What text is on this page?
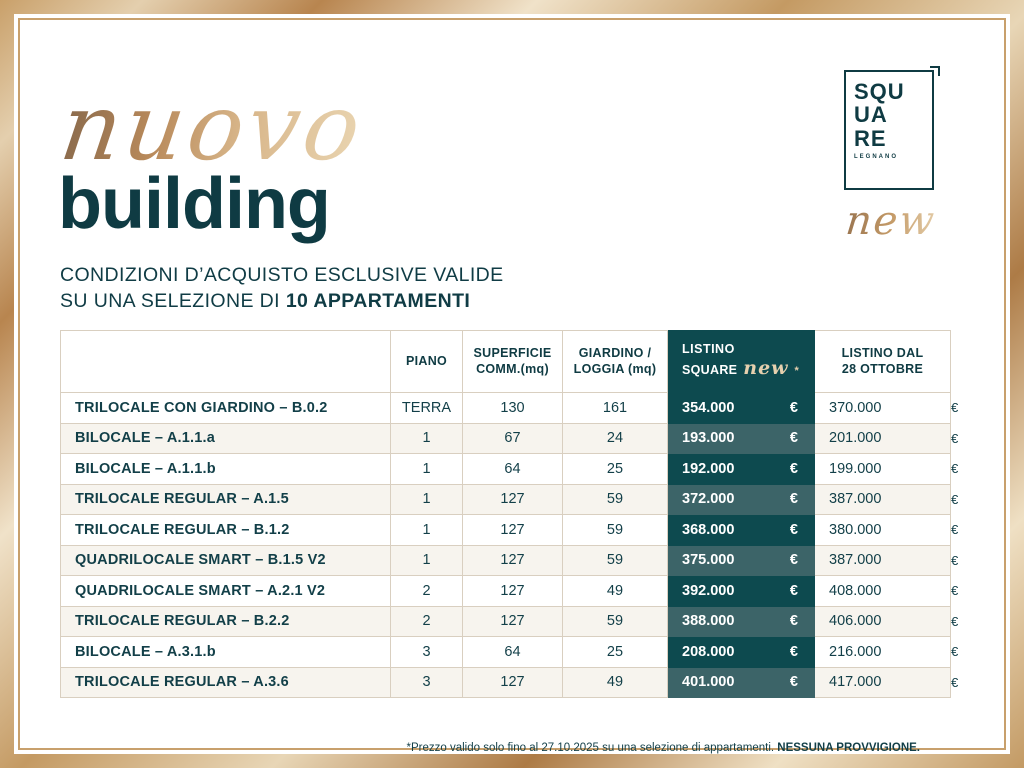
nuovo
building
CONDIZIONI D’ACQUISTO ESCLUSIVE VALIDE
SU UNA SELEZIONE DI 10 APPARTAMENTI
SQU
UA
RE
LEGNANO
new
	PIANO	
SUPERFICIE
COMM.(mq)

GIARDINO /
LOGGIA (mq)

LISTINO
SQUARE new *

LISTINO DAL
28 OTTOBRE

TRILOCALE CON GIARDINO – B.0.2	TERRA	130	161	354.000 €	370.000	€
BILOCALE – A.1.1.a	1	67	24	193.000 €	201.000	€
BILOCALE – A.1.1.b	1	64	25	192.000 €	199.000	€
TRILOCALE REGULAR – A.1.5	1	127	59	372.000 €	387.000	€
TRILOCALE REGULAR – B.1.2	1	127	59	368.000 €	380.000	€
QUADRILOCALE SMART – B.1.5 V2	1	127	59	375.000 €	387.000	€
QUADRILOCALE SMART – A.2.1 V2	2	127	49	392.000 €	408.000	€
TRILOCALE REGULAR – B.2.2	2	127	59	388.000 €	406.000	€
BILOCALE – A.3.1.b	3	64	25	208.000 €	216.000	€
TRILOCALE REGULAR – A.3.6	3	127	49	401.000 €	417.000	€
*Prezzo valido solo fino al 27.10.2025 su una selezione di appartamenti. NESSUNA PROVVIGIONE.
